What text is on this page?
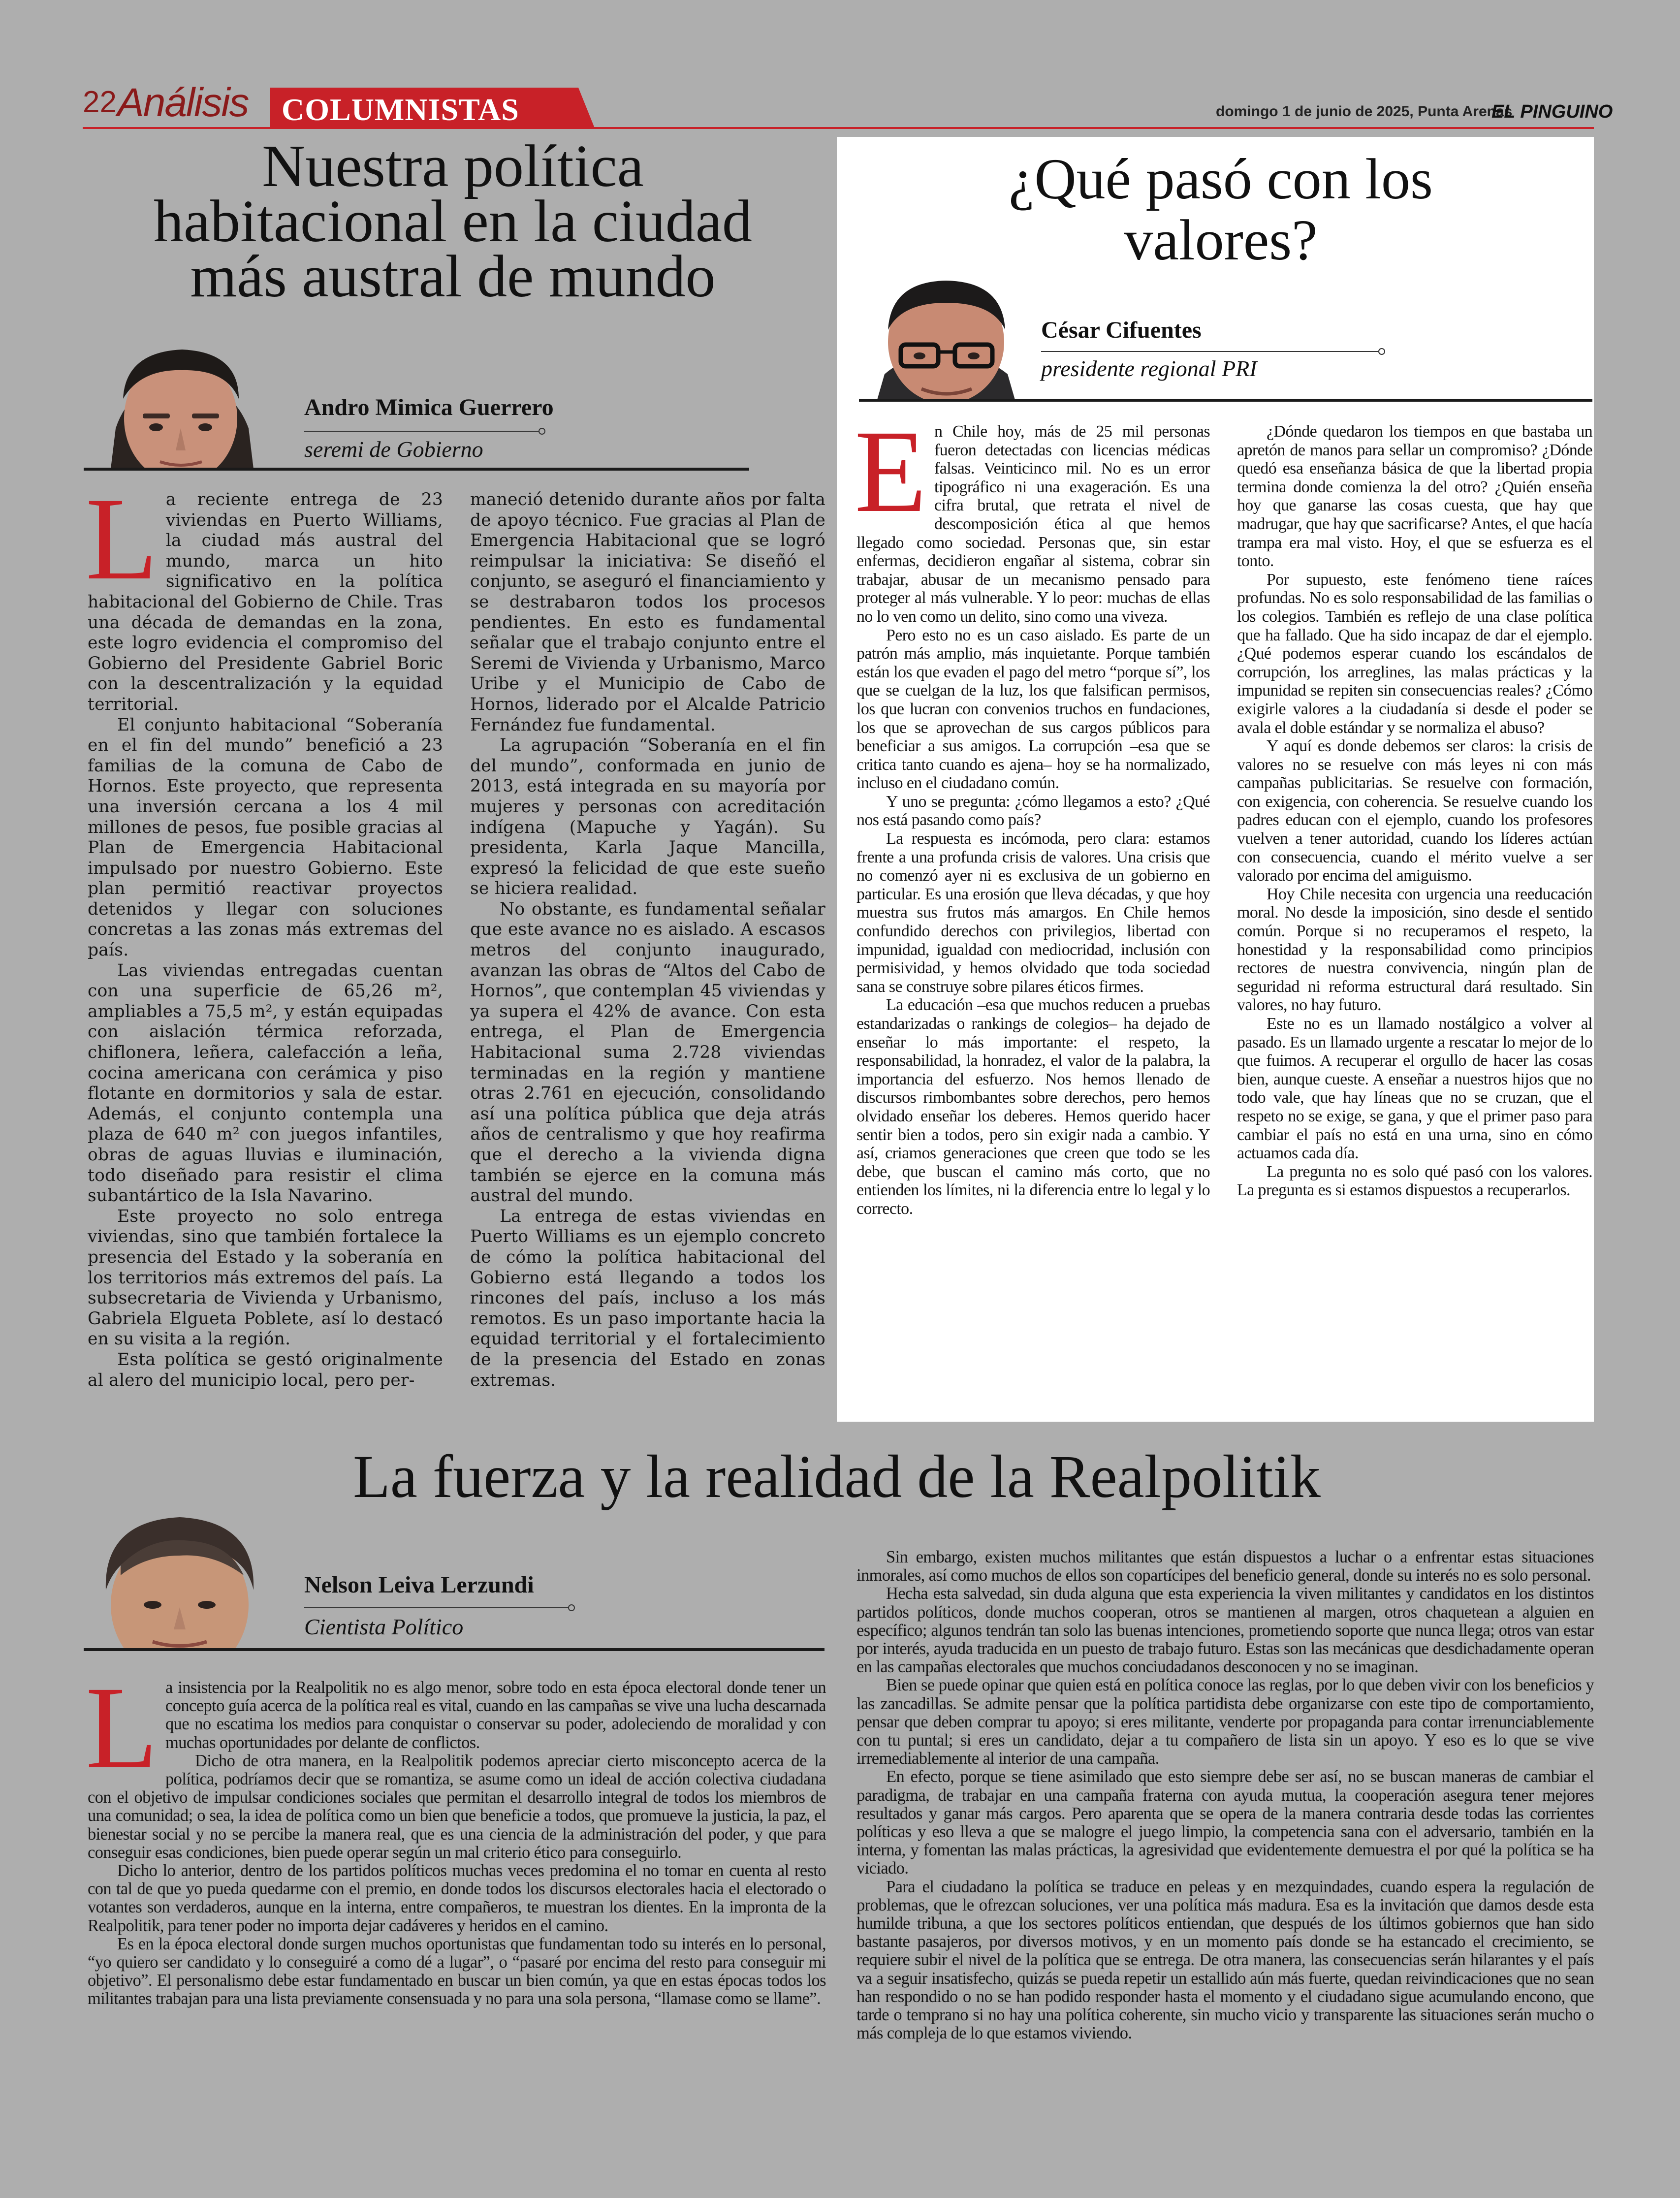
22 Análisis COLUMNISTAS	domingo 1 de junio de 2025, Punta Arenas
EL PINGUINO
Nuestra política
habitacional en la ciudad
más austral de mundo
Andro Mimica Guerrero
seremi de Gobierno
L a reciente entrega de 23 viviendas en Puerto Williams, la ciudad más austral del mundo, marca un hito significativo en la política habitacional del Gobierno de Chile. Tras una década de demandas en la zona, este logro evidencia el compromiso del Gobierno del Presidente Gabriel Boric con la descentralización y la equidad territorial.

El conjunto habitacional “Soberanía en el fin del mundo” benefició a 23 familias de la comuna de Cabo de Hornos. Este proyecto, que representa una inversión cercana a los 4 mil millones de pesos, fue posible gracias al Plan de Emergencia Habitacional impulsado por nuestro Gobierno. Este plan permitió reactivar proyectos detenidos y llegar con soluciones concretas a las zonas más extremas del país.

Las viviendas entregadas cuentan con una superficie de 65,26 m², ampliables a 75,5 m², y están equipadas con aislación térmica reforzada, chiflonera, leñera, calefacción a leña, cocina americana con cerámica y piso flotante en dormitorios y sala de estar. Además, el conjunto contempla una plaza de 640 m² con juegos infantiles, obras de aguas lluvias e iluminación, todo diseñado para resistir el clima subantártico de la Isla Navarino.

Este proyecto no solo entrega viviendas, sino que también fortalece la presencia del Estado y la soberanía en los territorios más extremos del país. La subsecretaria de Vivienda y Urbanismo, Gabriela Elgueta Poblete, así lo destacó en su visita a la región.

Esta política se gestó originalmente al alero del municipio local, pero per-

maneció detenido durante años por falta de apoyo técnico. Fue gracias al Plan de Emergencia Habitacional que se logró reimpulsar la iniciativa: Se diseñó el conjunto, se aseguró el financiamiento y se destrabaron todos los procesos pendientes. En esto es fundamental señalar que el trabajo conjunto entre el Seremi de Vivienda y Urbanismo, Marco Uribe y el Municipio de Cabo de Hornos, liderado por el Alcalde Patricio Fernández fue fundamental.

La agrupación “Soberanía en el fin del mundo”, conformada en junio de 2013, está integrada en su mayoría por mujeres y personas con acreditación indígena (Mapuche y Yagán). Su presidenta, Karla Jaque Mancilla, expresó la felicidad de que este sueño se hiciera realidad.

No obstante, es fundamental señalar que este avance no es aislado. A escasos metros del conjunto inaugurado, avanzan las obras de “Altos del Cabo de Hornos”, que contemplan 45 viviendas y ya supera el 42% de avance. Con esta entrega, el Plan de Emergencia Habitacional suma 2.728 viviendas terminadas en la región y mantiene otras 2.761 en ejecución, consolidando así una política pública que deja atrás años de centralismo y que hoy reafirma que el derecho a la vivienda digna también se ejerce en la comuna más austral del mundo.

La entrega de estas viviendas en Puerto Williams es un ejemplo concreto de cómo la política habitacional del Gobierno está llegando a todos los rincones del país, incluso a los más remotos. Es un paso importante hacia la equidad territorial y el fortalecimiento de la presencia del Estado en zonas extremas.

¿Qué pasó con los
valores?
César Cifuentes
presidente regional PRI
E n Chile hoy, más de 25 mil personas fueron detectadas con licencias médicas falsas. Veinticinco mil. No es un error tipográfico ni una exageración. Es una cifra brutal, que retrata el nivel de descomposición ética al que hemos llegado como sociedad. Personas que, sin estar enfermas, decidieron engañar al sistema, cobrar sin trabajar, abusar de un mecanismo pensado para proteger al más vulnerable. Y lo peor: muchas de ellas no lo ven como un delito, sino como una viveza.

Pero esto no es un caso aislado. Es parte de un patrón más amplio, más inquietante. Porque también están los que evaden el pago del metro “porque sí”, los que se cuelgan de la luz, los que falsifican permisos, los que lucran con convenios truchos en fundaciones, los que se aprovechan de sus cargos públicos para beneficiar a sus amigos. La corrupción –esa que se critica tanto cuando es ajena– hoy se ha normalizado, incluso en el ciudadano común.

Y uno se pregunta: ¿cómo llegamos a esto? ¿Qué nos está pasando como país?

La respuesta es incómoda, pero clara: estamos frente a una profunda crisis de valores. Una crisis que no comenzó ayer ni es exclusiva de un gobierno en particular. Es una erosión que lleva décadas, y que hoy muestra sus frutos más amargos. En Chile hemos confundido derechos con privilegios, libertad con impunidad, igualdad con mediocridad, inclusión con permisividad, y hemos olvidado que toda sociedad sana se construye sobre pilares éticos firmes.

La educación –esa que muchos reducen a pruebas estandarizadas o rankings de colegios– ha dejado de enseñar lo más importante: el respeto, la responsabilidad, la honradez, el valor de la palabra, la importancia del esfuerzo. Nos hemos llenado de discursos rimbombantes sobre derechos, pero hemos olvidado enseñar los deberes. Hemos querido hacer sentir bien a todos, pero sin exigir nada a cambio. Y así, criamos generaciones que creen que todo se les debe, que buscan el camino más corto, que no entienden los límites, ni la diferencia entre lo legal y lo correcto.

¿Dónde quedaron los tiempos en que bastaba un apretón de manos para sellar un compromiso? ¿Dónde quedó esa enseñanza básica de que la libertad propia termina donde comienza la del otro? ¿Quién enseña hoy que ganarse las cosas cuesta, que hay que madrugar, que hay que sacrificarse? Antes, el que hacía trampa era mal visto. Hoy, el que se esfuerza es el tonto.

Por supuesto, este fenómeno tiene raíces profundas. No es solo responsabilidad de las familias o los colegios. También es reflejo de una clase política que ha fallado. Que ha sido incapaz de dar el ejemplo. ¿Qué podemos esperar cuando los escándalos de corrupción, los arreglines, las malas prácticas y la impunidad se repiten sin consecuencias reales? ¿Cómo exigirle valores a la ciudadanía si desde el poder se avala el doble estándar y se normaliza el abuso?

Y aquí es donde debemos ser claros: la crisis de valores no se resuelve con más leyes ni con más campañas publicitarias. Se resuelve con formación, con exigencia, con coherencia. Se resuelve cuando los padres educan con el ejemplo, cuando los profesores vuelven a tener autoridad, cuando los líderes actúan con consecuencia, cuando el mérito vuelve a ser valorado por encima del amiguismo.

Hoy Chile necesita con urgencia una reeducación moral. No desde la imposición, sino desde el sentido común. Porque si no recuperamos el respeto, la honestidad y la responsabilidad como principios rectores de nuestra convivencia, ningún plan de seguridad ni reforma estructural dará resultado. Sin valores, no hay futuro.

Este no es un llamado nostálgico a volver al pasado. Es un llamado urgente a rescatar lo mejor de lo que fuimos. A recuperar el orgullo de hacer las cosas bien, aunque cueste. A enseñar a nuestros hijos que no todo vale, que hay líneas que no se cruzan, que el respeto no se exige, se gana, y que el primer paso para cambiar el país no está en una urna, sino en cómo actuamos cada día.

La pregunta no es solo qué pasó con los valores. La pregunta es si estamos dispuestos a recuperarlos.

La fuerza y la realidad de la Realpolitik
Nelson Leiva Lerzundi
Cientista Político
L a insistencia por la Realpolitik no es algo menor, sobre todo en esta época electoral donde tener un concepto guía acerca de la política real es vital, cuando en las campañas se vive una lucha descarnada que no escatima los medios para conquistar o conservar su poder, adoleciendo de moralidad y con muchas oportunidades por delante de conflictos.

Dicho de otra manera, en la Realpolitik podemos apreciar cierto misconcepto acerca de la política, podríamos decir que se romantiza, se asume como un ideal de acción colectiva ciudadana con el objetivo de impulsar condiciones sociales que permitan el desarrollo integral de todos los miembros de una comunidad; o sea, la idea de política como un bien que beneficie a todos, que promueve la justicia, la paz, el bienestar social y no se percibe la manera real, que es una ciencia de la administración del poder, y que para conseguir esas condiciones, bien puede operar según un mal criterio ético para conseguirlo.

Dicho lo anterior, dentro de los partidos políticos muchas veces predomina el no tomar en cuenta al resto con tal de que yo pueda quedarme con el premio, en donde todos los discursos electorales hacia el electorado o votantes son verdaderos, aunque en la interna, entre compañeros, te muestran los dientes. En la impronta de la Realpolitik, para tener poder no importa dejar cadáveres y heridos en el camino.

Es en la época electoral donde surgen muchos oportunistas que fundamentan todo su interés en lo personal, “yo quiero ser candidato y lo conseguiré a como dé a lugar”, o “pasaré por encima del resto para conseguir mi objetivo”. El personalismo debe estar fundamentado en buscar un bien común, ya que en estas épocas todos los militantes trabajan para una lista previamente consensuada y no para una sola persona, “llamase como se llame”.

Sin embargo, existen muchos militantes que están dispuestos a luchar o a enfrentar estas situaciones inmorales, así como muchos de ellos son copartícipes del beneficio general, donde su interés no es solo personal.

Hecha esta salvedad, sin duda alguna que esta experiencia la viven militantes y candidatos en los distintos partidos políticos, donde muchos cooperan, otros se mantienen al margen, otros chaquetean a alguien en específico; algunos tendrán tan solo las buenas intenciones, prometiendo soporte que nunca llega; otros van estar por interés, ayuda traducida en un puesto de trabajo futuro. Estas son las mecánicas que desdichadamente operan en las campañas electorales que muchos conciudadanos desconocen y no se imaginan.

Bien se puede opinar que quien está en política conoce las reglas, por lo que deben vivir con los beneficios y las zancadillas. Se admite pensar que la política partidista debe organizarse con este tipo de comportamiento, pensar que deben comprar tu apoyo; si eres militante, venderte por propaganda para contar irrenunciablemente con tu puntal; si eres un candidato, dejar a tu compañero de lista sin un apoyo. Y eso es lo que se vive irremediablemente al interior de una campaña.

En efecto, porque se tiene asimilado que esto siempre debe ser así, no se buscan maneras de cambiar el paradigma, de trabajar en una campaña fraterna con ayuda mutua, la cooperación asegura tener mejores resultados y ganar más cargos. Pero aparenta que se opera de la manera contraria desde todas las corrientes políticas y eso lleva a que se malogre el juego limpio, la competencia sana con el adversario, también en la interna, y fomentan las malas prácticas, la agresividad que evidentemente demuestra el por qué la política se ha viciado.

Para el ciudadano la política se traduce en peleas y en mezquindades, cuando espera la regulación de problemas, que le ofrezcan soluciones, ver una política más madura. Esa es la invitación que damos desde esta humilde tribuna, a que los sectores políticos entiendan, que después de los últimos gobiernos que han sido bastante pasajeros, por diversos motivos, y en un momento país donde se ha estancado el crecimiento, se requiere subir el nivel de la política que se entrega. De otra manera, las consecuencias serán hilarantes y el país va a seguir insatisfecho, quizás se pueda repetir un estallido aún más fuerte, quedan reivindicaciones que no sean han respondido o no se han podido responder hasta el momento y el ciudadano sigue acumulando encono, que tarde o temprano si no hay una política coherente, sin mucho vicio y transparente las situaciones serán mucho o más compleja de lo que estamos viviendo.
